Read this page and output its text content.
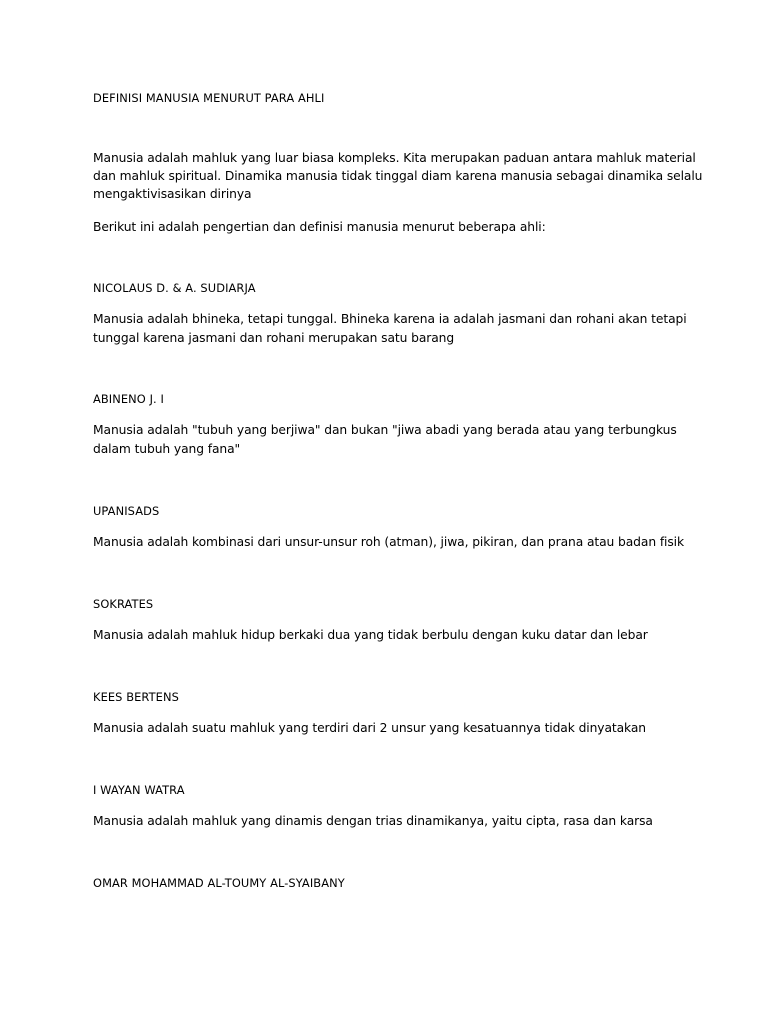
DEFINISI MANUSIA MENURUT PARA AHLI
Manusia adalah mahluk yang luar biasa kompleks. Kita merupakan paduan antara mahluk material
dan mahluk spiritual. Dinamika manusia tidak tinggal diam karena manusia sebagai dinamika selalu
mengaktivisasikan dirinya
Berikut ini adalah pengertian dan definisi manusia menurut beberapa ahli:
NICOLAUS D. & A. SUDIARJA
Manusia adalah bhineka, tetapi tunggal. Bhineka karena ia adalah jasmani dan rohani akan tetapi
tunggal karena jasmani dan rohani merupakan satu barang
ABINENO J. I
Manusia adalah "tubuh yang berjiwa" dan bukan "jiwa abadi yang berada atau yang terbungkus
dalam tubuh yang fana"
UPANISADS
Manusia adalah kombinasi dari unsur-unsur roh (atman), jiwa, pikiran, dan prana atau badan fisik
SOKRATES
Manusia adalah mahluk hidup berkaki dua yang tidak berbulu dengan kuku datar dan lebar
KEES BERTENS
Manusia adalah suatu mahluk yang terdiri dari 2 unsur yang kesatuannya tidak dinyatakan
I WAYAN WATRA
Manusia adalah mahluk yang dinamis dengan trias dinamikanya, yaitu cipta, rasa dan karsa
OMAR MOHAMMAD AL-TOUMY AL-SYAIBANY
